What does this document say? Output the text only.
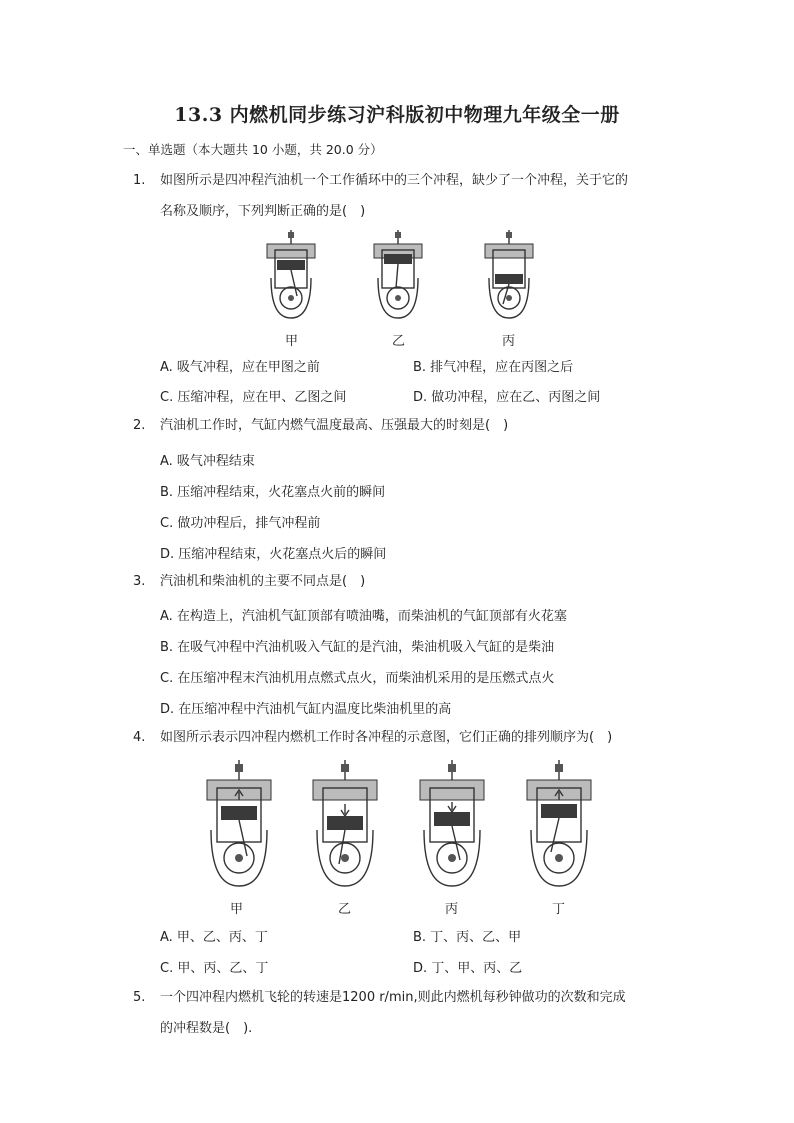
13.3 内燃机同步练习沪科版初中物理九年级全一册
一、单选题（本大题共 10 小题，共 20.0 分）
1.	如图所示是四冲程汽油机一个工作循环中的三个冲程，缺少了一个冲程，关于它的
名称及顺序，下列判断正确的是(　)
甲	乙	丙
A. 吸气冲程，应在甲图之前	B. 排气冲程，应在丙图之后
C. 压缩冲程，应在甲、乙图之间	D. 做功冲程，应在乙、丙图之间
2.	汽油机工作时，气缸内燃气温度最高、压强最大的时刻是(　)
A. 吸气冲程结束
B. 压缩冲程结束，火花塞点火前的瞬间
C. 做功冲程后，排气冲程前
D. 压缩冲程结束，火花塞点火后的瞬间
3.	汽油机和柴油机的主要不同点是(　)
A. 在构造上，汽油机气缸顶部有喷油嘴，而柴油机的气缸顶部有火花塞
B. 在吸气冲程中汽油机吸入气缸的是汽油，柴油机吸入气缸的是柴油
C. 在压缩冲程末汽油机用点燃式点火，而柴油机采用的是压燃式点火
D. 在压缩冲程中汽油机气缸内温度比柴油机里的高
4.	如图所示表示四冲程内燃机工作时各冲程的示意图，它们正确的排列顺序为(　)
甲	乙	丙	丁
A. 甲、乙、丙、丁	B. 丁、丙、乙、甲
C. 甲、丙、乙、丁	D. 丁、甲、丙、乙
5.	一个四冲程内燃机飞轮的转速是1200 r/min,则此内燃机每秒钟做功的次数和完成
的冲程数是(　).
